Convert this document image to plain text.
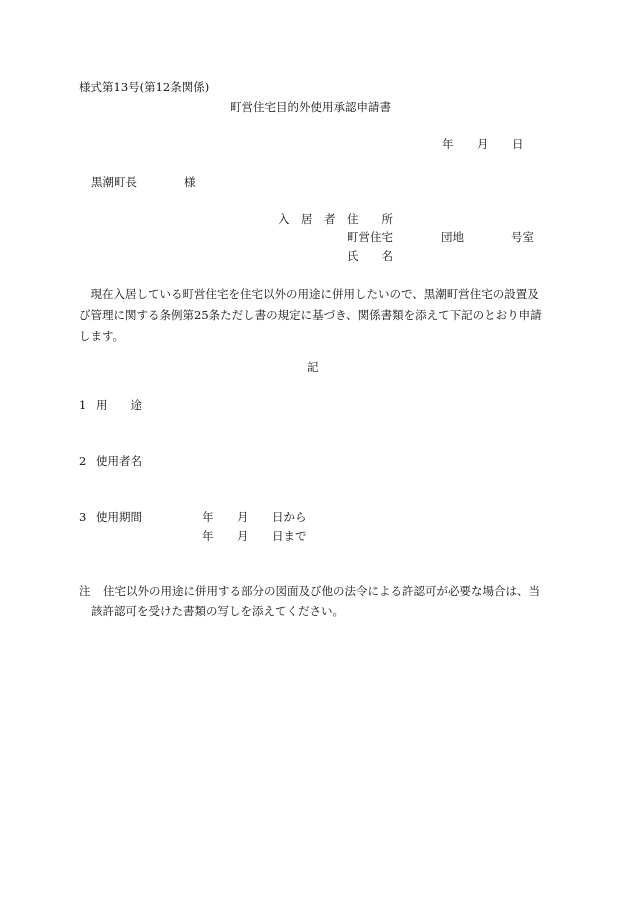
様式第13号(第12条関係)
町営住宅目的外使用承認申請書
年 月 日
黒潮町長	様
入　居　者 住　　所
町営住宅	団地	号室
氏　　名
　現在入居している町営住宅を住宅以外の用途に併用したいので、黒潮町営住宅の設置及
び管理に関する条例第25条ただし書の規定に基づき、関係書類を添えて下記のとおり申請
します。
記
1 用　　途
2 使用者名
3 使用期間	年 月 日から
年 月 日まで
注 住宅以外の用途に併用する部分の図面及び他の法令による許認可が必要な場合は、当
該許認可を受けた書類の写しを添えてください。
